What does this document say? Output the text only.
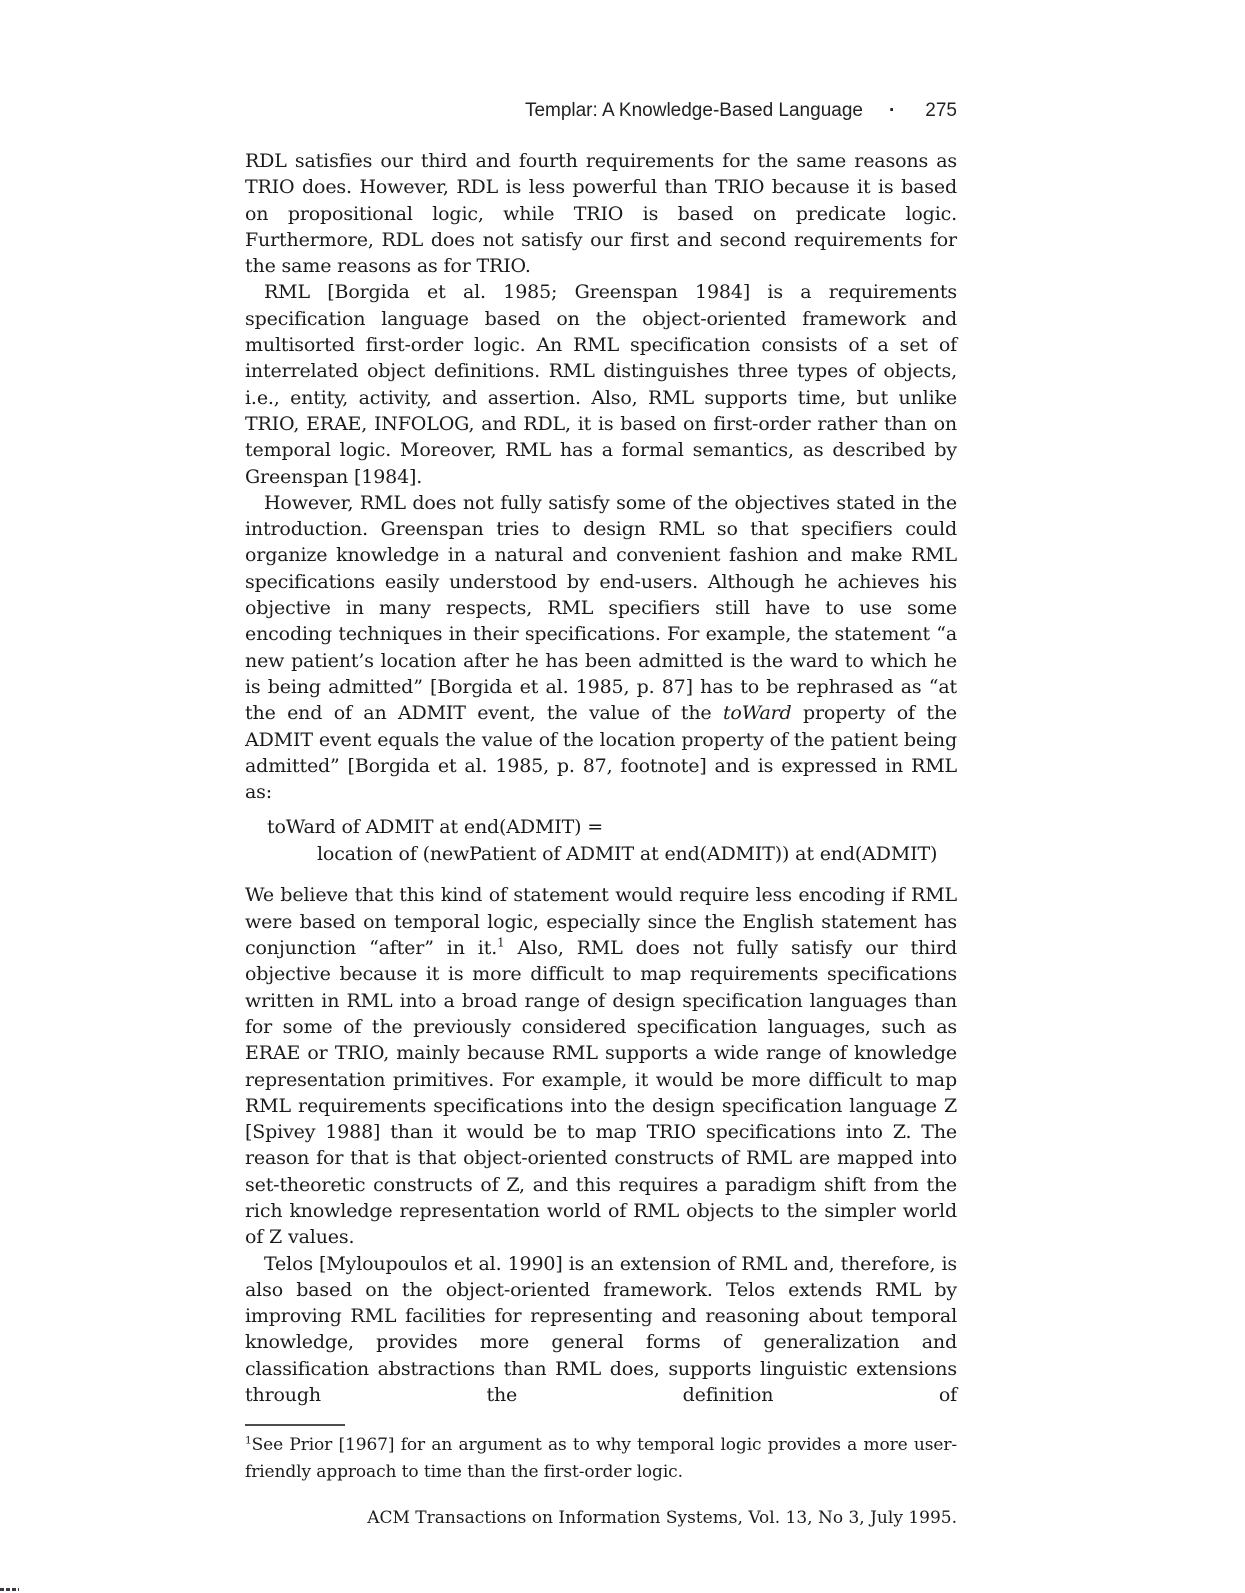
Templar: A Knowledge-Based Language · 275

RDL satisfies our third and fourth requirements for the same reasons as TRIO does. However, RDL is less powerful than TRIO because it is based on propositional logic, while TRIO is based on predicate logic. Furthermore, RDL does not satisfy our first and second requirements for the same reasons as for TRIO.

RML [Borgida et al. 1985; Greenspan 1984] is a requirements specification language based on the object-oriented framework and multisorted first-order logic. An RML specification consists of a set of interrelated object definitions. RML distinguishes three types of objects, i.e., entity, activity, and assertion. Also, RML supports time, but unlike TRIO, ERAE, INFOLOG, and RDL, it is based on first-order rather than on temporal logic. Moreover, RML has a formal semantics, as described by Greenspan [1984].

However, RML does not fully satisfy some of the objectives stated in the introduction. Greenspan tries to design RML so that specifiers could organize knowledge in a natural and convenient fashion and make RML specifications easily understood by end-users. Although he achieves his objective in many respects, RML specifiers still have to use some encoding techniques in their specifications. For example, the statement “a new patient’s location after he has been admitted is the ward to which he is being admitted” [Borgida et al. 1985, p. 87] has to be rephrased as “at the end of an ADMIT event, the value of the toWard property of the ADMIT event equals the value of the location property of the patient being admitted” [Borgida et al. 1985, p. 87, footnote] and is expressed in RML as:

toWard of ADMIT at end(ADMIT) =
location of (newPatient of ADMIT at end(ADMIT)) at end(ADMIT)

We believe that this kind of statement would require less encoding if RML were based on temporal logic, especially since the English statement has conjunction “after” in it.$^1$ Also, RML does not fully satisfy our third objective because it is more difficult to map requirements specifications written in RML into a broad range of design specification languages than for some of the previously considered specification languages, such as ERAE or TRIO, mainly because RML supports a wide range of knowledge representation primitives. For example, it would be more difficult to map RML requirements specifications into the design specification language Z [Spivey 1988] than it would be to map TRIO specifications into Z. The reason for that is that object-oriented constructs of RML are mapped into set-theoretic constructs of Z, and this requires a paradigm shift from the rich knowledge representation world of RML objects to the simpler world of Z values.

Telos [Myloupoulos et al. 1990] is an extension of RML and, therefore, is also based on the object-oriented framework. Telos extends RML by improving RML facilities for representing and reasoning about temporal knowledge, provides more general forms of generalization and classification abstractions than RML does, supports linguistic extensions through the definition of

$^1$See Prior [1967] for an argument as to why temporal logic provides a more user-friendly approach to time than the first-order logic.

ACM Transactions on Information Systems, Vol. 13, No 3, July 1995.
